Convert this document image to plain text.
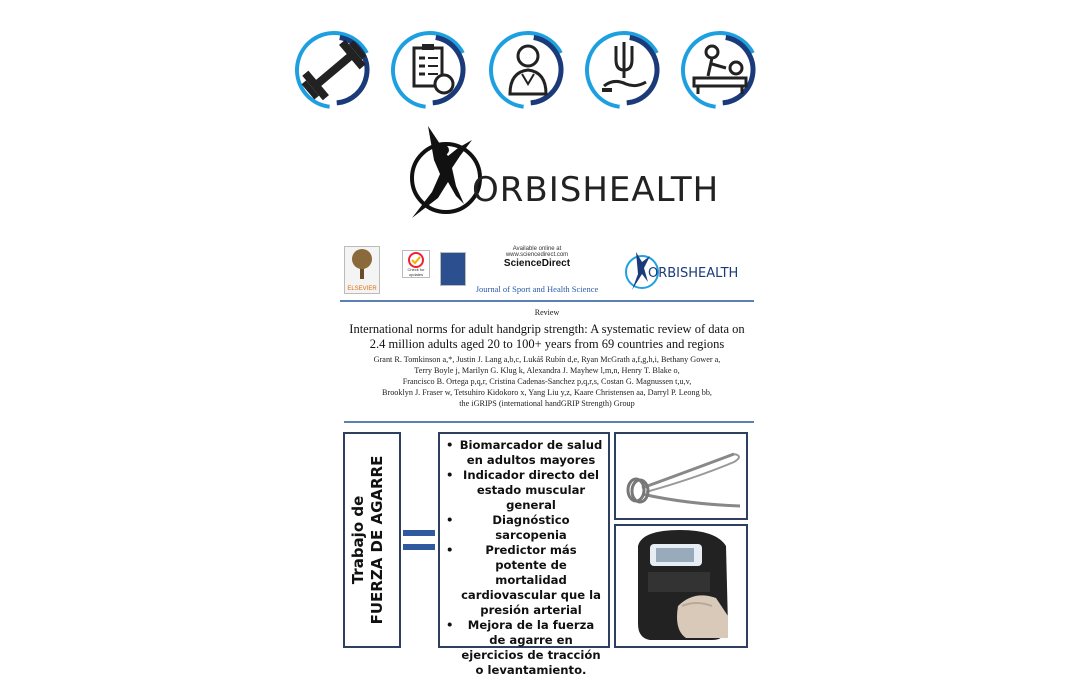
ORBISHEALTH
ELSEVIER
Check for updates
Available online at www.sciencedirect.com
ScienceDirect
Journal of Sport and Health Science
ORBISHEALTH
Review
International norms for adult handgrip strength: A systematic review of data on 2.4 million adults aged 20 to 100+ years from 69 countries and regions
Grant R. Tomkinson a,*, Justin J. Lang a,b,c, Lukáš Rubín d,e, Ryan McGrath a,f,g,h,i, Bethany Gower a,
Terry Boyle j, Marilyn G. Klug k, Alexandra J. Mayhew l,m,n, Henry T. Blake o,
Francisco B. Ortega p,q,r, Cristina Cadenas-Sanchez p,q,r,s, Costan G. Magnussen t,u,v,
Brooklyn J. Fraser w, Tetsuhiro Kidokoro x, Yang Liu y,z, Kaare Christensen aa, Darryl P. Leong bb,
the iGRIPS (international handGRIP Strength) Group
Trabajo de FUERZA DE AGARRE
• Biomarcador de salud en adultos mayores
• Indicador directo del estado muscular general
• Diagnóstico sarcopenia
• Predictor más potente de mortalidad cardiovascular que la presión arterial
• Mejora de la fuerza de agarre en ejercicios de tracción o levantamiento.
